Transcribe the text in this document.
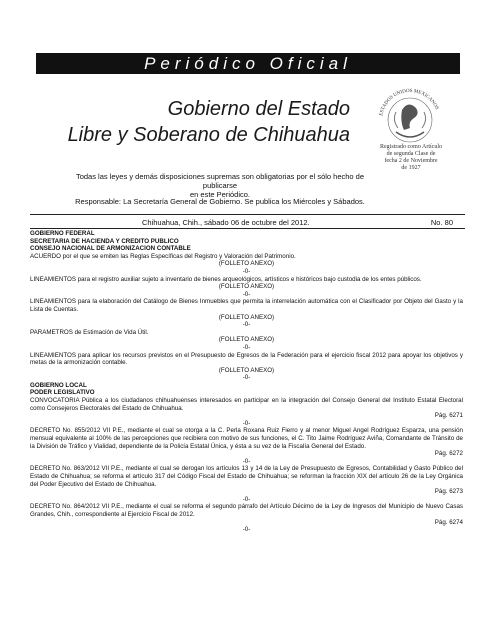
Periódico Oficial
Gobierno del Estado
Libre y Soberano de Chihuahua
ESTADOS UNIDOS MEXICANOS
Registrado como Artículo
de segunda Clase de
fecha 2 de Noviembre
de 1927
Todas las leyes y demás disposiciones supremas son obligatorias por el sólo hecho de publicarse
en este Periódico.
Responsable: La Secretaría General de Gobierno. Se publica los Miércoles y Sábados.
Chihuahua, Chih., sábado 06 de octubre del 2012.	No. 80

GOBIERNO FEDERAL

SECRETARIA DE HACIENDA Y CREDITO PUBLICO

CONSEJO NACIONAL DE ARMONIZACION CONTABLE

ACUERDO por el que se emiten las Reglas Específicas del Registro y Valoración del Patrimonio.

(FOLLETO ANEXO)

-0-

LINEAMIENTOS para el registro auxiliar sujeto a inventario de bienes arqueológicos, artísticos e históricos bajo custodia de los entes públicos.

(FOLLETO ANEXO)

-0-

LINEAMIENTOS para la elaboración del Catálogo de Bienes Inmuebles que permita la interrelación automática con el Clasificador por Objeto del Gasto y la Lista de Cuentas.

(FOLLETO ANEXO)

-0-

PARAMETROS de Estimación de Vida Útil.

(FOLLETO ANEXO)

-0-

LINEAMIENTOS para aplicar los recursos previstos en el Presupuesto de Egresos de la Federación para el ejercicio fiscal 2012 para apoyar los objetivos y metas de la armonización contable.

(FOLLETO ANEXO)

-0-

GOBIERNO LOCAL

PODER LEGISLATIVO

CONVOCATORIA Pública a los ciudadanos chihuahuenses interesados en participar en la integración del Consejo General del Instituto Estatal Electoral como Consejeros Electorales del Estado de Chihuahua.

Pág. 6271

-0-

DECRETO No. 855/2012 VII P.E., mediante el cual se otorga a la C. Perla Roxana Ruiz Fierro y al menor Miguel Angel Rodríguez Esparza, una pensión mensual equivalente al 100% de las percepciones que recibiera con motivo de sus funciones, el C. Tito Jaime Rodríguez Aviña, Comandante de Tránsito de la División de Tráfico y Vialidad, dependiente de la Policía Estatal Única, y ésta a su vez de la Fiscalía General del Estado.

Pág. 6272

-0-

DECRETO No. 863/2012 VII P.E., mediante el cual se derogan los artículos 13 y 14 de la Ley de Presupuesto de Egresos, Contabilidad y Gasto Público del Estado de Chihuahua; se reforma el artículo 317 del Código Fiscal del Estado de Chihuahua; se reforman la fracción XIX del artículo 26 de la Ley Orgánica del Poder Ejecutivo del Estado de Chihuahua.

Pág. 6273

-0-

DECRETO No. 864/2012 VII P.E., mediante el cual se reforma el segundo párrafo del Artículo Décimo de la Ley de Ingresos del Municipio de Nuevo Casas Grandes, Chih., correspondiente al Ejercicio Fiscal de 2012.

Pág. 6274

-0-
